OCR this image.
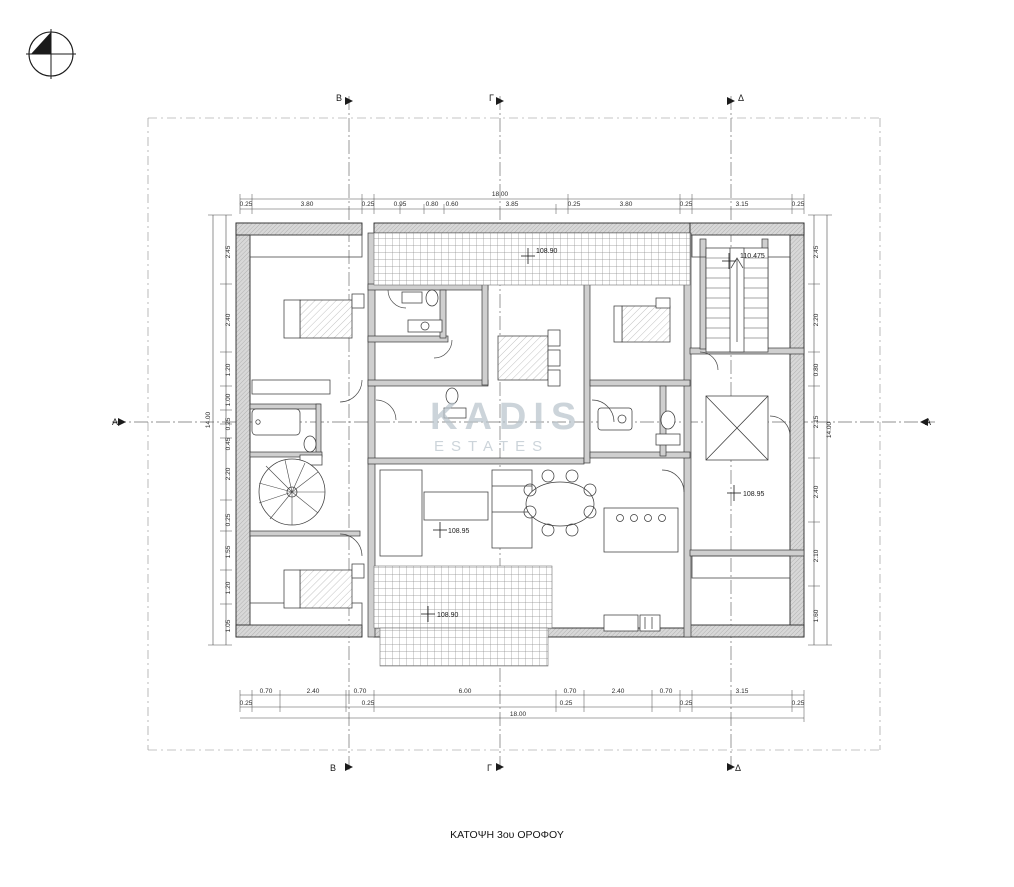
Β	Γ	Δ
Β	Γ	Δ
Α	Α
108.90
110.475
108.95
108.95
108.90
18.00
0.25	3.80	0.25	0.95	0.80 0.60	3.85	0.25	3.80	0.25	3.15	0.25
0.70	2.40	0.70	6.00	0.70	2.40	0.70	3.15
0.25	0.25	0.25	0.25	0.25
18.00
2.45
2.40
1.20
1.00
0.25
0.45
2.20
0.25
1.55
1.20
1.05
14.00
2.45
2.20
0.80
2.15
2.40
2.10
1.60
14.00
KADIS
ESTATES
ΚΑΤΟΨΗ 3ου ΟΡΟΦΟΥ
